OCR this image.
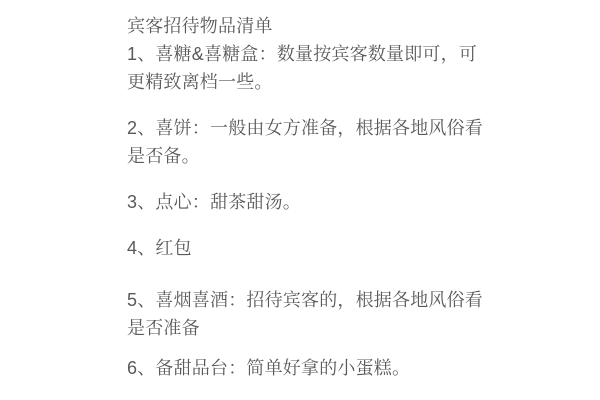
宾客招待物品清单

1、喜糖&喜糖盒：数量按宾客数量即可，可更精致离档一些。

2、喜饼：一般由女方准备，根据各地风俗看是否备。

3、点心：甜茶甜汤。

4、红包

5、喜烟喜酒：招待宾客的，根据各地风俗看是否准备

6、备甜品台：简单好拿的小蛋糕。
